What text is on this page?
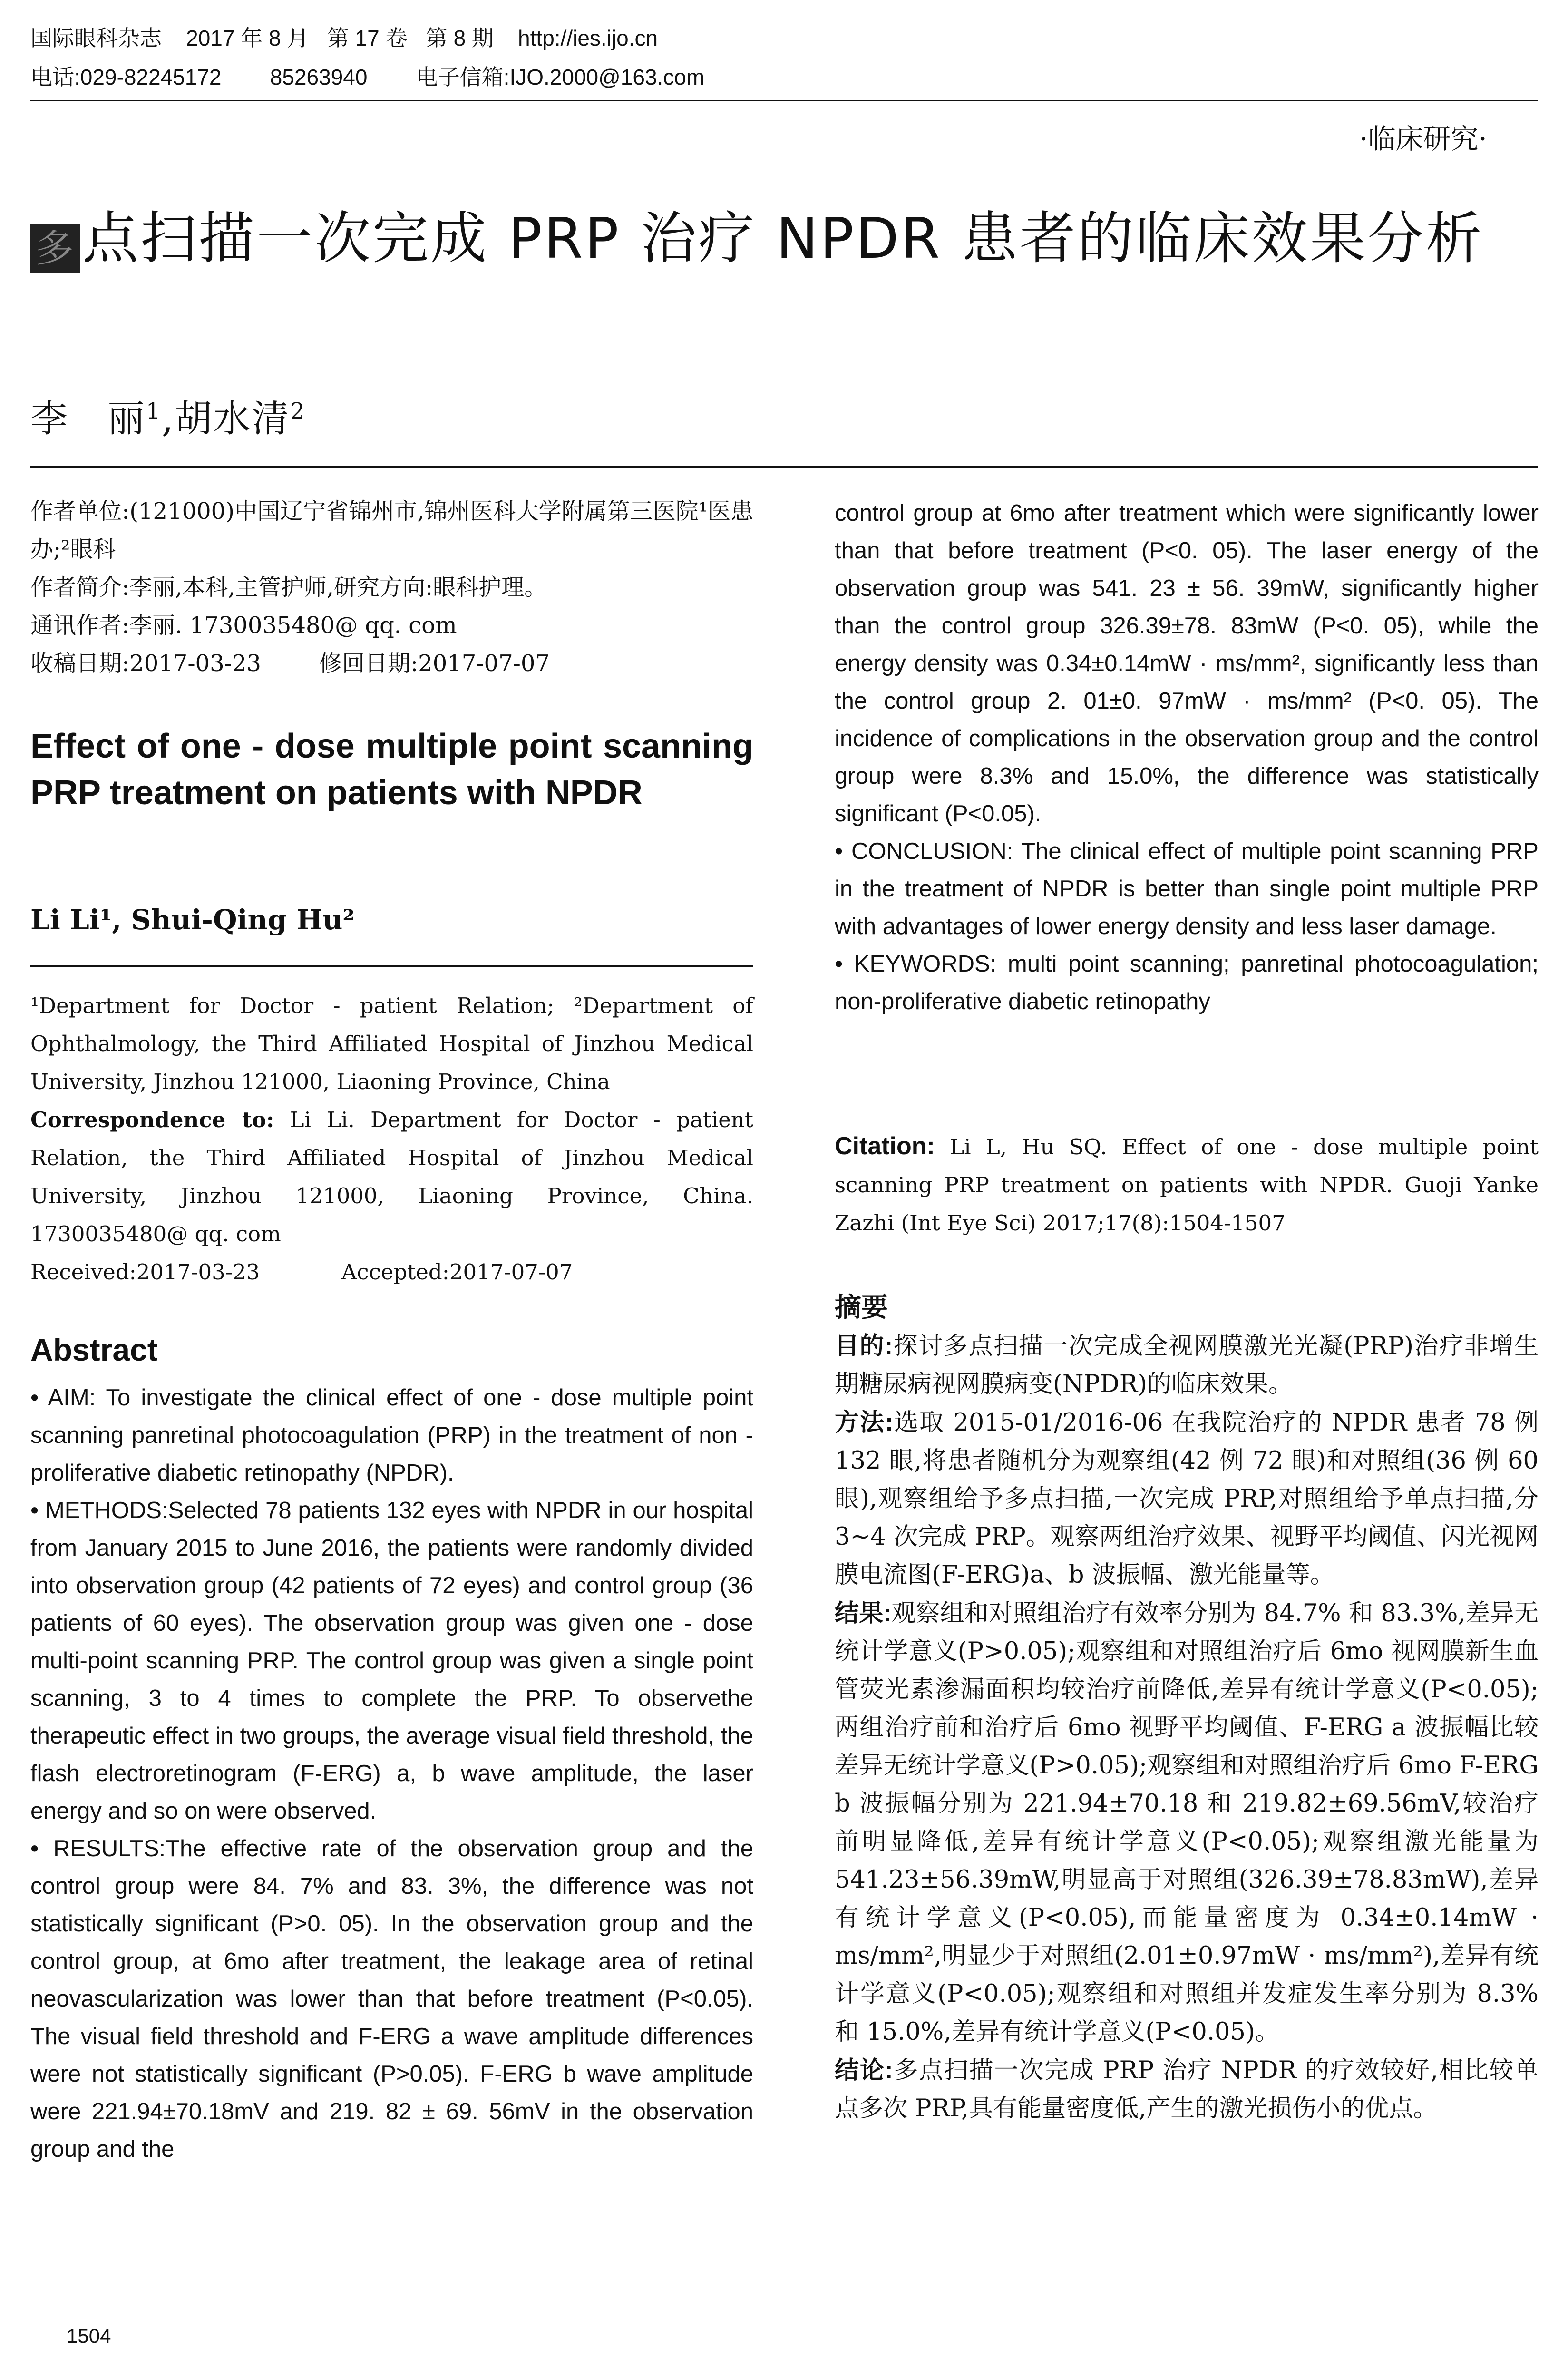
国际眼科杂志    2017 年 8 月   第 17 卷   第 8 期    http://ies.ijo.cn
电话:029-82245172        85263940        电子信箱:IJO.2000@163.com
·临床研究·
多 点扫描一次完成 PRP 治疗 NPDR 患者的临床效果分析
李　丽$^1$,胡水清$^2$

作者单位:(121000)中国辽宁省锦州市,锦州医科大学附属第三医院¹医患办;²眼科

作者简介:李丽,本科,主管护师,研究方向:眼科护理。

通讯作者:李丽. 1730035480@ qq. com

收稿日期:2017-03-23        修回日期:2017-07-07

Effect of one - dose multiple point scanning PRP treatment on patients with NPDR
Li Li¹, Shui-Qing Hu²

¹Department for Doctor - patient Relation; ²Department of Ophthalmology, the Third Affiliated Hospital of Jinzhou Medical University, Jinzhou 121000, Liaoning Province, China

Correspondence to: Li Li. Department for Doctor - patient Relation, the Third Affiliated Hospital of Jinzhou Medical University, Jinzhou 121000, Liaoning Province, China. 1730035480@ qq. com

Received:2017-03-23            Accepted:2017-07-07

Abstract

• AIM: To investigate the clinical effect of one - dose multiple point scanning panretinal photocoagulation (PRP) in the treatment of non - proliferative diabetic retinopathy (NPDR).

• METHODS:Selected 78 patients 132 eyes with NPDR in our hospital from January 2015 to June 2016, the patients were randomly divided into observation group (42 patients of 72 eyes) and control group (36 patients of 60 eyes). The observation group was given one - dose multi-point scanning PRP. The control group was given a single point scanning, 3 to 4 times to complete the PRP. To observethe therapeutic effect in two groups, the average visual field threshold, the flash electroretinogram (F-ERG) a, b wave amplitude, the laser energy and so on were observed.

• RESULTS:The effective rate of the observation group and the control group were 84. 7% and 83. 3%, the difference was not statistically significant (P>0. 05). In the observation group and the control group, at 6mo after treatment, the leakage area of retinal neovascularization was lower than that before treatment (P<0.05). The visual field threshold and F-ERG a wave amplitude differences were not statistically significant (P>0.05). F-ERG b wave amplitude were 221.94±70.18mV and 219. 82 ± 69. 56mV in the observation group and the

1504

control group at 6mo after treatment which were significantly lower than that before treatment (P<0. 05). The laser energy of the observation group was 541. 23 ± 56. 39mW, significantly higher than the control group 326.39±78. 83mW (P<0. 05), while the energy density was 0.34±0.14mW · ms/mm², significantly less than the control group 2. 01±0. 97mW · ms/mm² (P<0. 05). The incidence of complications in the observation group and the control group were 8.3% and 15.0%, the difference was statistically significant (P<0.05).

• CONCLUSION: The clinical effect of multiple point scanning PRP in the treatment of NPDR is better than single point multiple PRP with advantages of lower energy density and less laser damage.

• KEYWORDS: multi point scanning; panretinal photocoagulation; non-proliferative diabetic retinopathy

Citation: Li L, Hu SQ. Effect of one - dose multiple point scanning PRP treatment on patients with NPDR. Guoji Yanke Zazhi (Int Eye Sci) 2017;17(8):1504-1507
摘要

目的:探讨多点扫描一次完成全视网膜激光光凝(PRP)治疗非增生期糖尿病视网膜病变(NPDR)的临床效果。

方法:选取 2015-01/2016-06 在我院治疗的 NPDR 患者 78 例 132 眼,将患者随机分为观察组(42 例 72 眼)和对照组(36 例 60 眼),观察组给予多点扫描,一次完成 PRP,对照组给予单点扫描,分 3~4 次完成 PRP。观察两组治疗效果、视野平均阈值、闪光视网膜电流图(F-ERG)a、b 波振幅、激光能量等。

结果:观察组和对照组治疗有效率分别为 84.7% 和 83.3%,差异无统计学意义(P>0.05);观察组和对照组治疗后 6mo 视网膜新生血管荧光素渗漏面积均较治疗前降低,差异有统计学意义(P<0.05);两组治疗前和治疗后 6mo 视野平均阈值、F-ERG a 波振幅比较差异无统计学意义(P>0.05);观察组和对照组治疗后 6mo F-ERG b 波振幅分别为 221.94±70.18 和 219.82±69.56mV,较治疗前明显降低,差异有统计学意义(P<0.05);观察组激光能量为 541.23±56.39mW,明显高于对照组(326.39±78.83mW),差异有统计学意义(P<0.05),而能量密度为 0.34±0.14mW · ms/mm²,明显少于对照组(2.01±0.97mW · ms/mm²),差异有统计学意义(P<0.05);观察组和对照组并发症发生率分别为 8.3% 和 15.0%,差异有统计学意义(P<0.05)。

结论:多点扫描一次完成 PRP 治疗 NPDR 的疗效较好,相比较单点多次 PRP,具有能量密度低,产生的激光损伤小的优点。
